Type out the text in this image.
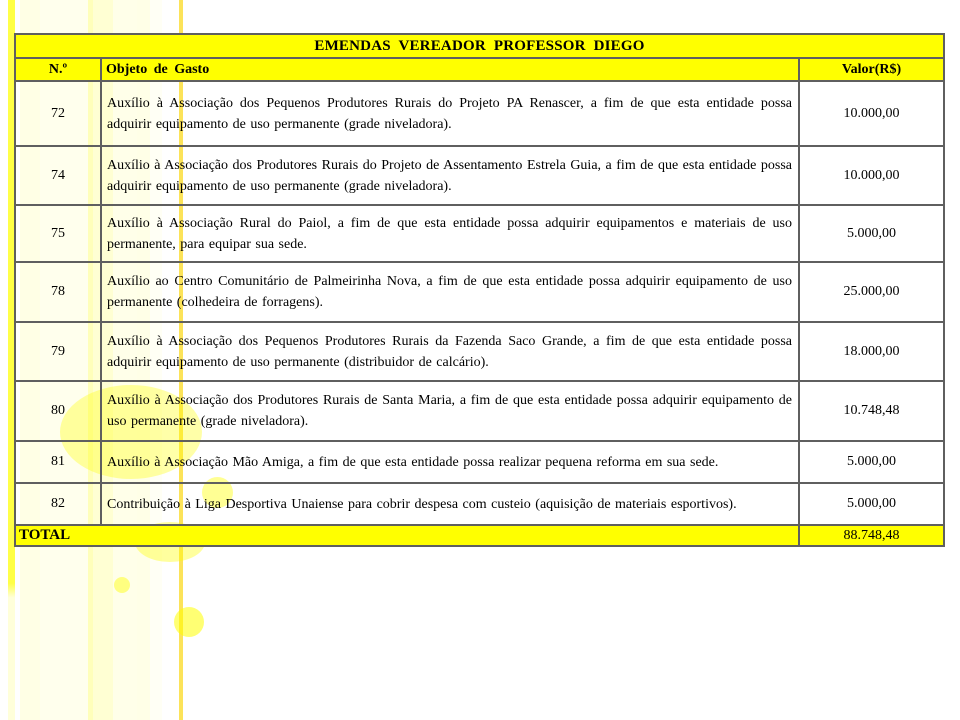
EMENDAS VEREADOR PROFESSOR DIEGO		
N.º	Objeto de Gasto	Valor(R$)
72	Auxílio à Associação dos Pequenos Produtores Rurais do Projeto PA Renascer, a fim de que esta entidade possa adquirir equipamento de uso permanente (grade niveladora).	10.000,00
74	Auxílio à Associação dos Produtores Rurais do Projeto de Assentamento Estrela Guia, a fim de que esta entidade possa adquirir equipamento de uso permanente (grade niveladora).	10.000,00
75	Auxílio à Associação Rural do Paiol, a fim de que esta entidade possa adquirir equipamentos e materiais de uso permanente, para equipar sua sede.	5.000,00
78	Auxílio ao Centro Comunitário de Palmeirinha Nova, a fim de que esta entidade possa adquirir equipamento de uso permanente (colhedeira de forragens).	25.000,00
79	Auxílio à Associação dos Pequenos Produtores Rurais da Fazenda Saco Grande, a fim de que esta entidade possa adquirir equipamento de uso permanente (distribuidor de calcário).	18.000,00
80	Auxílio à Associação dos Produtores Rurais de Santa Maria, a fim de que esta entidade possa adquirir equipamento de uso permanente (grade niveladora).	10.748,48
81	Auxílio à Associação Mão Amiga, a fim de que esta entidade possa realizar pequena reforma em sua sede.	5.000,00
82	Contribuição à Liga Desportiva Unaiense para cobrir despesa com custeio (aquisição de materiais esportivos).	5.000,00
TOTAL		88.748,48
